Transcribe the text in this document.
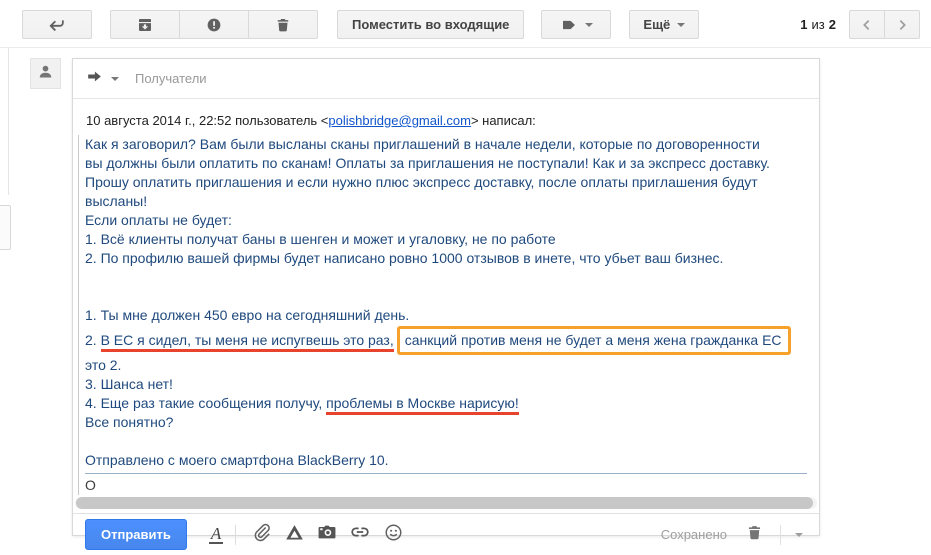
Поместить во входящие	Ещё	1 из 2
Получатели
10 августа 2014 г., 22:52 пользователь <polishbridge@gmail.com> написал:
Как я заговорил? Вам были высланы сканы приглашений в начале недели, которые по договоренности
вы должны были оплатить по сканам! Оплаты за приглашения не поступали! Как и за экспресс доставку.
Прошу оплатить приглашения и если нужно плюс экспресс доставку, после оплаты приглашения будут
высланы!
Если оплаты не будет:
1. Всё клиенты получат баны в шенген и может и угаловку, не по работе
2. По профилю вашей фирмы будет написано ровно 1000 отзывов в инете, что убьет ваш бизнес.

1. Ты мне должен 450 евро на сегодняшний день.
2. В ЕС я сидел, ты меня не испугвешь это раз, санкций против меня не будет а меня жена гражданка ЕС
это 2.
3. Шанса нет!
4. Еще раз такие сообщения получу, проблемы в Москве нарисую!
Все понятно?

Отправлено с моего смартфона BlackBerry 10.
О
Отправить A	Сохранено
